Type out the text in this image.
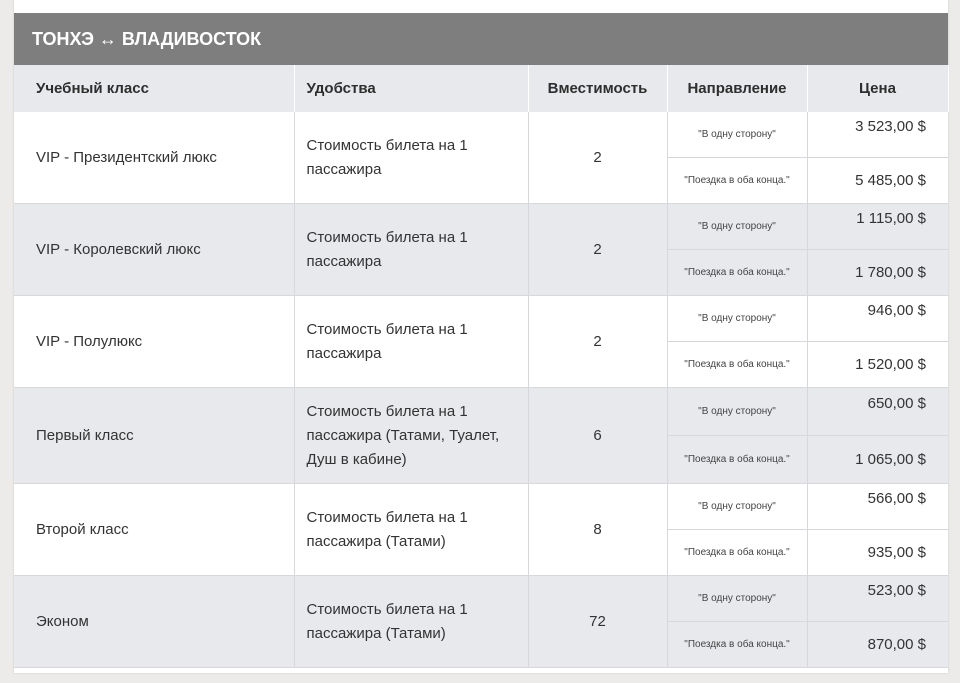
ТОНХЭ ↔ ВЛАДИВОСТОК
Учебный класс	Удобства	Вместимость	Направление	Цена
VIP - Президентский люкс	Стоимость билета на 1 пассажира	2	"В одну сторону"	3 523,00 $
			"Поездка в оба конца."	5 485,00 $
VIP - Королевский люкс	Стоимость билета на 1 пассажира	2	"В одну сторону"	1 115,00 $
			"Поездка в оба конца."	1 780,00 $
VIP - Полулюкс	Стоимость билета на 1 пассажира	2	"В одну сторону"	946,00 $
			"Поездка в оба конца."	1 520,00 $
Первый класс	Стоимость билета на 1 пассажира (Татами, Туалет, Душ в кабине)	6	"В одну сторону"	650,00 $
			"Поездка в оба конца."	1 065,00 $
Второй класс	Стоимость билета на 1 пассажира (Татами)	8	"В одну сторону"	566,00 $
			"Поездка в оба конца."	935,00 $
Эконом	Стоимость билета на 1 пассажира (Татами)	72	"В одну сторону"	523,00 $
			"Поездка в оба конца."	870,00 $
